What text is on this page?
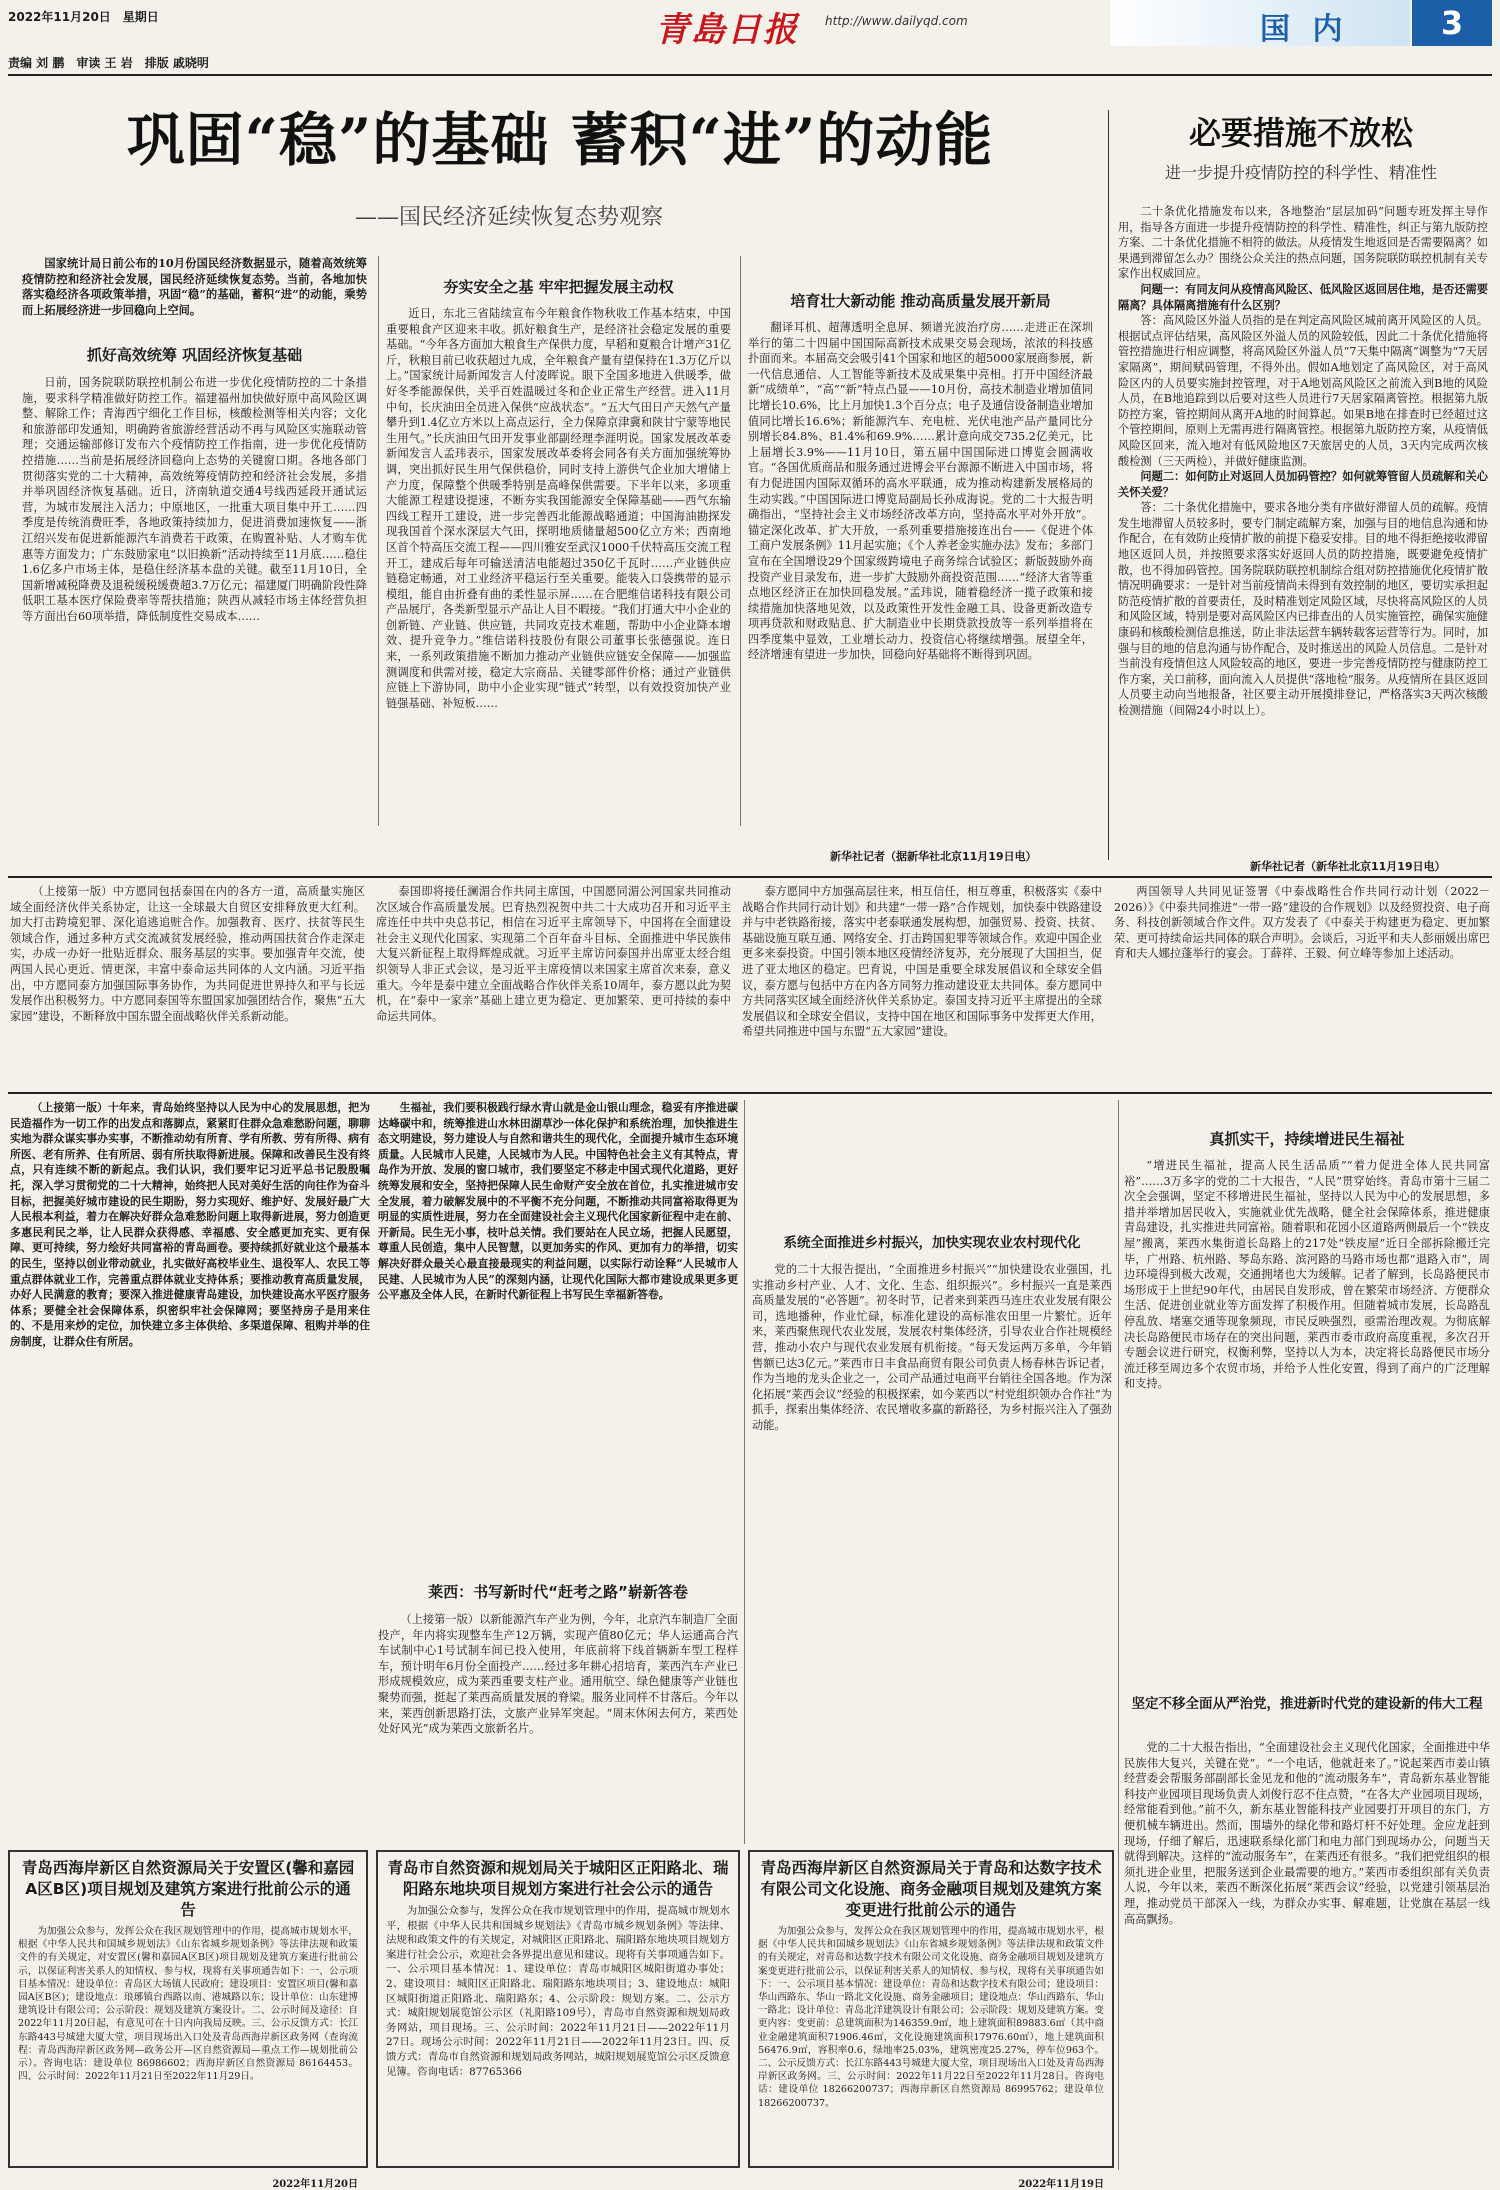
2022年11月20日　星期日	青島日报 http://www.dailyqd.com	国 内	3
责编 刘 鹏　审读 王 岩　排版 戚晓明
巩固“稳”的基础 蓄积“进”的动能
——国民经济延续恢复态势观察
国家统计局日前公布的10月份国民经济数据显示，随着高效统筹疫情防控和经济社会发展，国民经济延续恢复态势。当前，各地加快落实稳经济各项政策举措，巩固“稳”的基础，蓄积“进”的动能，乘势而上拓展经济进一步回稳向上空间。
抓好高效统筹 巩固经济恢复基础
日前，国务院联防联控机制公布进一步优化疫情防控的二十条措施，要求科学精准做好防控工作。福建福州加快做好原中高风险区调整、解除工作；青海西宁细化工作目标，核酸检测等相关内容；文化和旅游部印发通知，明确跨省旅游经营活动不再与风险区实施联动管理；交通运输部修订发布六个疫情防控工作指南，进一步优化疫情防控措施……当前是拓展经济回稳向上态势的关键窗口期。各地各部门贯彻落实党的二十大精神，高效统筹疫情防控和经济社会发展，多措并举巩固经济恢复基础。近日，济南轨道交通4号线西延段开通试运营，为城市发展注入活力；中原地区，一批重大项目集中开工……四季度是传统消费旺季，各地政策持续加力，促进消费加速恢复——浙江绍兴发布促进新能源汽车消费若干政策，在购置补贴、人才购车优惠等方面发力；广东鼓励家电“以旧换新”活动持续至11月底……稳住1.6亿多户市场主体，是稳住经济基本盘的关键。截至11月10日，全国新增减税降费及退税缓税缓费超3.7万亿元；福建厦门明确阶段性降低职工基本医疗保险费率等帮扶措施；陕西从减轻市场主体经营负担等方面出台60项举措，降低制度性交易成本……
夯实安全之基 牢牢把握发展主动权
近日，东北三省陆续宣布今年粮食作物秋收工作基本结束，中国重要粮食产区迎来丰收。抓好粮食生产，是经济社会稳定发展的重要基础。“今年各方面加大粮食生产保供力度，早稻和夏粮合计增产31亿斤，秋粮目前已收获超过九成，全年粮食产量有望保持在1.3万亿斤以上。”国家统计局新闻发言人付凌晖说。眼下全国多地进入供暖季，做好冬季能源保供，关乎百姓温暖过冬和企业正常生产经营。进入11月中旬，长庆油田全员进入保供“应战状态”。“五大气田日产天然气产量攀升到1.4亿立方米以上高点运行，全力保障京津冀和陕甘宁蒙等地民生用气。”长庆油田气田开发事业部副经理李涯明说。国家发展改革委新闻发言人孟玮表示，国家发展改革委将会同各有关方面加强统筹协调，突出抓好民生用气保供稳价，同时支持上游供气企业加大增储上产力度，保障整个供暖季特别是高峰保供需要。下半年以来，多项重大能源工程建设提速，不断夯实我国能源安全保障基础——西气东输四线工程开工建设，进一步完善西北能源战略通道；中国海油勘探发现我国首个深水深层大气田，探明地质储量超500亿立方米；西南地区首个特高压交流工程——四川雅安至武汉1000千伏特高压交流工程开工，建成后每年可输送清洁电能超过350亿千瓦时……产业链供应链稳定畅通，对工业经济平稳运行至关重要。能装入口袋携带的显示模组，能自由折叠有曲的柔性显示屏……在合肥维信诺科技有限公司产品展厅，各类新型显示产品让人目不暇接。“我们打通大中小企业的创新链、产业链、供应链，共同攻克技术难题，帮助中小企业降本增效、提升竞争力。”维信诺科技股份有限公司董事长张德强说。连日来，一系列政策措施不断加力推动产业链供应链安全保障——加强监测调度和供需对接，稳定大宗商品、关键零部件价格；通过产业链供应链上下游协同，助中小企业实现“链式”转型，以有效投资加快产业链强基础、补短板……
培育壮大新动能 推动高质量发展开新局
翻译耳机、超薄透明全息屏、频谱光波治疗房……走进正在深圳举行的第二十四届中国国际高新技术成果交易会现场，浓浓的科技感扑面而来。本届高交会吸引41个国家和地区的超5000家展商参展，新一代信息通信、人工智能等新技术及成果集中亮相。打开中国经济最新“成绩单”，“高”“新”特点凸显——10月份，高技术制造业增加值同比增长10.6%，比上月加快1.3个百分点；电子及通信设备制造业增加值同比增长16.6%；新能源汽车、充电桩、光伏电池产品产量同比分别增长84.8%、81.4%和69.9%……累计意向成交735.2亿美元，比上届增长3.9%——11月10日，第五届中国国际进口博览会圆满收官。“各国优质商品和服务通过进博会平台源源不断进入中国市场，将有力促进国内国际双循环的高水平联通，成为推动构建新发展格局的生动实践。”中国国际进口博览局副局长孙成海说。党的二十大报告明确指出，“坚持社会主义市场经济改革方向，坚持高水平对外开放”。锚定深化改革、扩大开放，一系列重要措施接连出台——《促进个体工商户发展条例》11月起实施；《个人养老金实施办法》发布；多部门宣布在全国增设29个国家级跨境电子商务综合试验区；新版鼓励外商投资产业目录发布，进一步扩大鼓励外商投资范围……“经济大省等重点地区经济正在加快回稳发展。”孟玮说，随着稳经济一揽子政策和接续措施加快落地见效，以及政策性开发性金融工具、设备更新改造专项再贷款和财政贴息、扩大制造业中长期贷款投放等一系列举措将在四季度集中显效，工业增长动力、投资信心将继续增强。展望全年，经济增速有望进一步加快，回稳向好基础将不断得到巩固。
新华社记者（据新华社北京11月19日电）
必要措施不放松
进一步提升疫情防控的科学性、精准性

二十条优化措施发布以来，各地整治“层层加码”问题专班发挥主导作用，指导各方面进一步提升疫情防控的科学性、精准性，纠正与第九版防控方案、二十条优化措施不相符的做法。从疫情发生地返回是否需要隔离？如果遇到滞留怎么办？围绕公众关注的热点问题，国务院联防联控机制有关专家作出权威回应。

问题一：有同友问从疫情高风险区、低风险区返回居住地，是否还需要隔离？具体隔离措施有什么区别？

答：高风险区外溢人员指的是在判定高风险区城前离开风险区的人员。根据试点评估结果，高风险区外溢人员的风险较低，因此二十条优化措施将管控措施进行相应调整，将高风险区外溢人员“7天集中隔离”调整为“7天居家隔离”，期间赋码管理，不得外出。假如A地划定了高风险区，对于高风险区内的人员要实施封控管理，对于A地划高风险区之前流入到B地的风险人员，在B地追踪到以后要对这些人员进行7天居家隔离管控。根据第九版防控方案，管控期间从离开A地的时间算起。如果B地在排查时已经超过这个管控期间，原则上无需再进行隔离管控。根据第九版防控方案，从疫情低风险区回来，流入地对有低风险地区7天旅居史的人员，3天内完成两次核酸检测（三天两检），并做好健康监测。

问题二：如何防止对返回人员加码管控？如何就筹管留人员疏解和关心关怀关爱？

答：二十条优化措施中，要求各地分类有序做好滞留人员的疏解。疫情发生地滞留人员较多时，要专门制定疏解方案，加强与目的地信息沟通和协作配合，在有效防止疫情扩散的前提下稳妥安排。目的地不得拒绝接收滞留地区返回人员，并按照要求落实好返回人员的防控措施，既要避免疫情扩散，也不得加码管控。国务院联防联控机制综合组对防控措施优化疫情扩散情况明确要求：一是针对当前疫情尚未得到有效控制的地区，要切实承担起防范疫情扩散的首要责任，及时精准划定风险区域，尽快将高风险区的人员和风险区域，特别是要对高风险区内已排查出的人员实施管控，确保实施健康码和核酸检测信息推送，防止非法运营车辆转载客运营等行为。同时，加强与目的地的信息沟通与协作配合，及时推送出的风险人员信息。二是针对当前没有疫情但这人风险较高的地区，要进一步完善疫情防控与健康防控工作方案，关口前移，面向流入人员提供“落地检”服务。从疫情所在县区返回人员要主动向当地报备，社区要主动开展摸排登记，严格落实3天两次核酸检测措施（间隔24小时以上）。

新华社记者（新华社北京11月19日电）
（上接第一版）中方愿同包括泰国在内的各方一道，高质量实施区域全面经济伙伴关系协定，让这一全球最大自贸区安排释放更大红利。加大打击跨境犯罪、深化追逃追赃合作。加强教育、医疗、扶贫等民生领域合作，通过多种方式交流减贫发展经验，推动两国扶贫合作走深走实，办成一办好一批贴近群众、服务基层的实事。要加强青年交流，使两国人民心更近、情更深，丰富中泰命运共同体的人文内涵。习近平指出，中方愿同泰方加强国际事务协作，为共同促进世界持久和平与长远发展作出积极努力。中方愿同泰国等东盟国家加强团结合作，聚焦“五大家园”建设，不断释放中国东盟全面战略伙伴关系新动能。
泰国即将接任澜湄合作共同主席国，中国愿同湄公河国家共同推动次区域合作高质量发展。巴育热烈祝贺中共二十大成功召开和习近平主席连任中共中央总书记，相信在习近平主席领导下，中国将在全面建设社会主义现代化国家、实现第二个百年奋斗目标、全面推进中华民族伟大复兴新征程上取得辉煌成就。习近平主席访问泰国并出席亚太经合组织领导人非正式会议，是习近平主席疫情以来国家主席首次来泰，意义重大。今年是泰中建立全面战略合作伙伴关系10周年，泰方愿以此为契机，在“泰中一家亲”基础上建立更为稳定、更加繁荣、更可持续的泰中命运共同体。
泰方愿同中方加强高层往来，相互信任，相互尊重，积极落实《泰中战略合作共同行动计划》和共建“一带一路”合作规划，加快泰中铁路建设并与中老铁路衔接，落实中老泰联通发展构想，加强贸易、投资、扶贫、基础设施互联互通、网络安全、打击跨国犯罪等领域合作。欢迎中国企业更多来泰投资。中国引领本地区疫情经济复苏，充分展现了大国担当，促进了亚太地区的稳定。巴育说，中国是重要全球发展倡议和全球安全倡议，泰方愿与包括中方在内各方同努力推动建设亚太共同体。泰方愿同中方共同落实区域全面经济伙伴关系协定。泰国支持习近平主席提出的全球发展倡议和全球安全倡议，支持中国在地区和国际事务中发挥更大作用，希望共同推进中国与东盟“五大家园”建设。
两国领导人共同见证签署《中泰战略性合作共同行动计划（2022－2026）》《中泰共同推进“一带一路”建设的合作规划》以及经贸投资、电子商务、科技创新领域合作文件。双方发表了《中泰关于构建更为稳定、更加繁荣、更可持续命运共同体的联合声明》。会谈后，习近平和夫人彭丽媛出席巴育和夫人娜拉蓬举行的宴会。丁薛祥、王毅、何立峰等参加上述活动。
（上接第一版）十年来，青岛始终坚持以人民为中心的发展思想，把为民造福作为一切工作的出发点和落脚点，紧紧盯住群众急难愁盼问题，聊聊实地为群众谋实事办实事，不断推动幼有所育、学有所教、劳有所得、病有所医、老有所养、住有所居、弱有所扶取得新进展。保障和改善民生没有终点，只有连续不断的新起点。我们认识，我们要牢记习近平总书记殷殷嘱托，深入学习贯彻党的二十大精神，始终把人民对美好生活的向往作为奋斗目标，把握美好城市建设的民生期盼，努力实现好、维护好、发展好最广大人民根本利益，着力在解决好群众急难愁盼问题上取得新进展，努力创造更多惠民利民之举，让人民群众获得感、幸福感、安全感更加充实、更有保障、更可持续，努力绘好共同富裕的青岛画卷。要持续抓好就业这个最基本的民生，坚持以创业带动就业，扎实做好高校毕业生、退役军人、农民工等重点群体就业工作，完善重点群体就业支持体系；要推动教育高质量发展，办好人民满意的教育；要深入推进健康青岛建设，加快建设高水平医疗服务体系；要健全社会保障体系，织密织牢社会保障网；要坚持房子是用来住的、不是用来炒的定位，加快建立多主体供给、多渠道保障、租购并举的住房制度，让群众住有所居。
生福祉，我们要积极践行绿水青山就是金山银山理念，稳妥有序推进碳达峰碳中和，统筹推进山水林田湖草沙一体化保护和系统治理，加快推进生态文明建设，努力建设人与自然和谐共生的现代化，全面提升城市生态环境质量。人民城市人民建，人民城市为人民。中国特色社会主义有其特点，青岛作为开放、发展的窗口城市，我们要坚定不移走中国式现代化道路，更好统筹发展和安全，坚持把保障人民生命财产安全放在首位，扎实推进城市安全发展，着力破解发展中的不平衡不充分问题，不断推动共同富裕取得更为明显的实质性进展，努力在全面建设社会主义现代化国家新征程中走在前、开新局。民生无小事，枝叶总关情。我们要站在人民立场，把握人民愿望，尊重人民创造，集中人民智慧，以更加务实的作风、更加有力的举措，切实解决好群众最关心最直接最现实的利益问题，以实际行动诠释“人民城市人民建、人民城市为人民”的深刻内涵，让现代化国际大都市建设成果更多更公平惠及全体人民，在新时代新征程上书写民生幸福新答卷。
莱西：书写新时代“赶考之路”崭新答卷
（上接第一版）以新能源汽车产业为例，今年，北京汽车制造厂全面投产，年内将实现整车生产12万辆，实现产值80亿元；华人运通高合汽车试制中心1号试制车间已投入使用，年底前将下线首辆新车型工程样车，预计明年6月份全面投产……经过多年耕心招培育，莱西汽车产业已形成规模效应，成为莱西重要支柱产业。通用航空、绿色健康等产业链也聚势而强，挺起了莱西高质量发展的脊梁。服务业同样不甘落后。今年以来，莱西创新思路打法，文旅产业异军突起。“周末休闲去何方，莱西处处好风光”成为莱西文旅新名片。
系统全面推进乡村振兴，加快实现农业农村现代化
党的二十大报告提出，“全面推进乡村振兴”“加快建设农业强国，扎实推动乡村产业、人才、文化、生态、组织振兴”。乡村振兴一直是莱西高质量发展的“必答题”。初冬时节，记者来到莱西马连庄农业发展有限公司，选地播种，作业忙碌，标准化建设的高标准农田里一片繁忙。近年来，莱西聚焦现代农业发展，发展农村集体经济，引导农业合作社规模经营，推动小农户与现代农业发展有机衔接。“每天发运两万多单，今年销售额已达3亿元。”莱西市日丰食品商贸有限公司负责人杨春林告诉记者，作为当地的龙头企业之一，公司产品通过电商平台销往全国各地。作为深化拓展“莱西会议”经验的积极探索，如今莱西以“村党组织领办合作社”为抓手，探索出集体经济、农民增收多赢的新路径，为乡村振兴注入了强劲动能。
真抓实干，持续增进民生福祉
“增进民生福祉，提高人民生活品质”“着力促进全体人民共同富裕”……3万多字的党的二十大报告，“人民”贯穿始终。青岛市第十三届二次全会强调，坚定不移增进民生福祉，坚持以人民为中心的发展思想，多措并举增加居民收入，实施就业优先战略，健全社会保障体系，推进健康青岛建设，扎实推进共同富裕。随着职和花园小区道路两侧最后一个“铁皮屋”搬离，莱西水集街道长岛路上的217处“铁皮屋”近日全部拆除搬迁完毕，广州路、杭州路、琴岛东路、滨河路的马路市场也都“退路入市”，周边环境得到极大改观，交通拥堵也大为缓解。记者了解到，长岛路便民市场形成于上世纪90年代，由居民自发形成，曾在繁荣市场经济、方便群众生活、促进创业就业等方面发挥了积极作用。但随着城市发展，长岛路乱停乱放、堵塞交通等现象频现，市民反映强烈，亟需治理改观。为彻底解决长岛路便民市场存在的突出问题，莱西市委市政府高度重视，多次召开专题会议进行研究，权衡利弊，坚持以人为本，决定将长岛路便民市场分流迁移至周边多个农贸市场，并给予人性化安置，得到了商户的广泛理解和支持。
坚定不移全面从严治党，推进新时代党的建设新的伟大工程
党的二十大报告指出，“全面建设社会主义现代化国家，全面推进中华民族伟大复兴，关键在党”。“一个电话，他就赶来了。”说起莱西市姜山镇经营委会帮服务部副部长金见龙和他的“流动服务车”，青岛新东基业智能科技产业园项目现场负责人刘俊行忍不住点赞，“在各大产业园项目现场，经常能看到他。”前不久，新东基业智能科技产业园要打开项目的东门，方便机械车辆进出。然而，围墙外的绿化带和路灯杆不好处理。金应龙赶到现场，仔细了解后，迅速联系绿化部门和电力部门到现场办公，问题当天就得到解决。这样的“流动服务车”，在莱西还有很多。“我们把党组织的根须扎进企业里，把服务送到企业最需要的地方。”莱西市委组织部有关负责人说，今年以来，莱西不断深化拓展“莱西会议”经验，以党建引领基层治理，推动党员干部深入一线，为群众办实事、解难题，让党旗在基层一线高高飘扬。
青岛西海岸新区自然资源局关于安置区(馨和嘉园A区B区)项目规划及建筑方案进行批前公示的通告

为加强公众参与，发挥公众在我区规划管理中的作用，提高城市规划水平，根据《中华人民共和国城乡规划法》《山东省城乡规划条例》等法律法规和政策文件的有关规定，对安置区(馨和嘉园A区B区)项目规划及建筑方案进行批前公示，以保证利害关系人的知情权、参与权，现将有关事项通告如下：一、公示项目基本情况：建设单位：青岛区大场镇人民政府；建设项目：安置区项目(馨和嘉园A区B区)；建设地点：琅琊镇台西路以南、港城路以东；设计单位：山东建博建筑设计有限公司；公示阶段：规划及建筑方案设计。二、公示时间及途径：自2022年11月20日起，有意见可在十日内向我局反映。三、公示反馈方式：长江东路443号城建大厦大堂，项目现场出入口处及青岛西海岸新区政务网（查询流程：青岛西海岸新区政务网—政务公开—区自然资源局—重点工作—规划批前公示）。咨询电话：建设单位 86986602；西海岸新区自然资源局 86164453。四、公示时间：2022年11月21日至2022年11月29日。

2022年11月20日
青岛市自然资源和规划局关于城阳区正阳路北、瑞阳路东地块项目规划方案进行社会公示的通告

为加强公众参与，发挥公众在我市规划管理中的作用，提高城市规划水平，根据《中华人民共和国城乡规划法》《青岛市城乡规划条例》等法律、法规和政策文件的有关规定，对城阳区正阳路北、瑞阳路东地块项目规划方案进行社会公示，欢迎社会各界提出意见和建议。现将有关事项通告如下。一、公示项目基本情况：1、建设单位：青岛市城阳区城阳街道办事处；2、建设项目：城阳区正阳路北、瑞阳路东地块项目；3、建设地点：城阳区城阳街道正阳路北、瑞阳路东；4、公示阶段：规划方案。二、公示方式：城阳规划展览馆公示区（礼阳路109号），青岛市自然资源和规划局政务网站，项目现场。三、公示时间：2022年11月21日——2022年11月27日。现场公示时间：2022年11月21日——2022年11月23日。四、反馈方式：青岛市自然资源和规划局政务网站，城阳规划展览馆公示区反馈意见簿。咨询电话：87765366

青岛西海岸新区自然资源局关于青岛和达数字技术有限公司文化设施、商务金融项目规划及建筑方案变更进行批前公示的通告

为加强公众参与，发挥公众在我区规划管理中的作用，提高城市规划水平，根据《中华人民共和国城乡规划法》《山东省城乡规划条例》等法律法规和政策文件的有关规定，对青岛和达数字技术有限公司文化设施、商务金融项目规划及建筑方案变更进行批前公示，以保证利害关系人的知情权、参与权，现将有关事项通告如下：一、公示项目基本情况：建设单位：青岛和达数字技术有限公司；建设项目：华山西路东、华山一路北文化设施、商务金融项目；建设地点：华山西路东、华山一路北；设计单位：青岛北洋建筑设计有限公司；公示阶段：规划及建筑方案。变更内容：变更前：总建筑面积为146359.9㎡，地上建筑面积89883.6㎡（其中商业金融建筑面积71906.46㎡，文化设施建筑面积17976.60㎡），地上建筑面积56476.9㎡，容积率0.6，绿地率25.03%，建筑密度25.27%，停车位963个。二、公示反馈方式：长江东路443号城建大厦大堂，项目现场出入口处及青岛西海岸新区政务网。三、公示时间：2022年11月22日至2022年11月28日。咨询电话：建设单位 18266200737；西海岸新区自然资源局 86995762；建设单位 18266200737。

2022年11月19日
